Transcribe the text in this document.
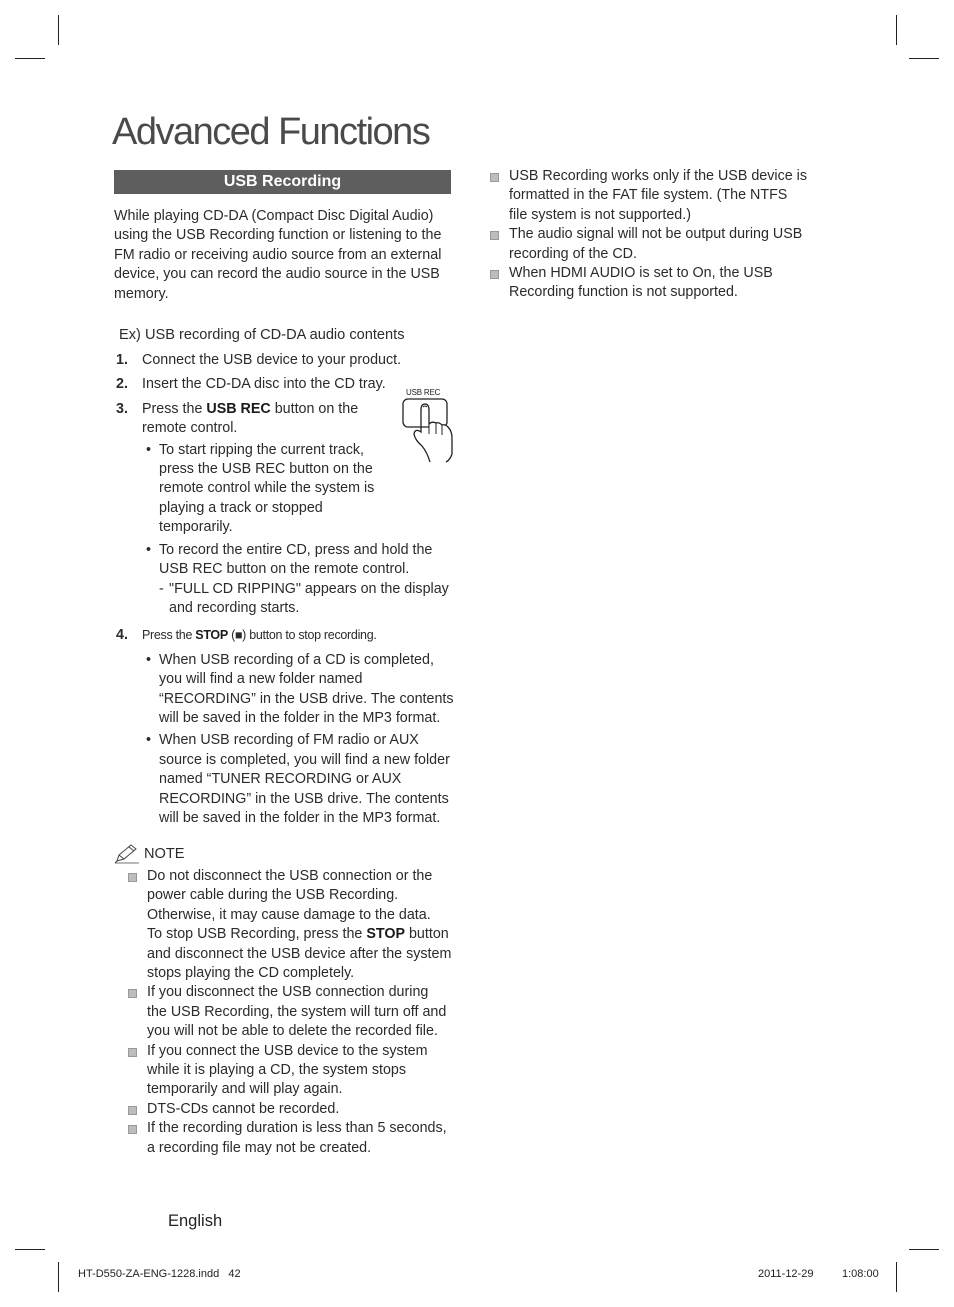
Advanced Functions
USB Recording

While playing CD-DA (Compact Disc Digital Audio) using the USB Recording function or listening to the FM radio or receiving audio source from an external device, you can record the audio source in the USB memory.

Ex) USB recording of CD-DA audio contents

1. Connect the USB device to your product.

2. Insert the CD-DA disc into the CD tray.

3. Press the USB REC button on the remote control.

• To start ripping the current track, press the USB REC button on the remote control while the system is playing a track or stopped temporarily.
• To record the entire CD, press and hold the USB REC button on the remote control.

- "FULL CD RIPPING" appears on the display and recording starts.

4. Press the STOP (■) button to stop recording.

• When USB recording of a CD is completed, you will find a new folder named “RECORDING” in the USB drive. The contents will be saved in the folder in the MP3 format.
• When USB recording of FM radio or AUX source is completed, you will find a new folder named “TUNER RECORDING or AUX RECORDING” in the USB drive. The contents will be saved in the folder in the MP3 format.
USB REC
NOTE
Do not disconnect the USB connection or the power cable during the USB Recording. Otherwise, it may cause damage to the data.
To stop USB Recording, press the STOP button and disconnect the USB device after the system stops playing the CD completely.
If you disconnect the USB connection during the USB Recording, the system will turn off and you will not be able to delete the recorded file.
If you connect the USB device to the system while it is playing a CD, the system stops temporarily and will play again.
DTS-CDs cannot be recorded.
If the recording duration is less than 5 seconds, a recording file may not be created.
USB Recording works only if the USB device is formatted in the FAT file system. (The NTFS file system is not supported.)
The audio signal will not be output during USB recording of the CD.
When HDMI AUDIO is set to On, the USB Recording function is not supported.
English
HT-D550-ZA-ENG-1228.indd   42	2011-12-29	1:08:00
